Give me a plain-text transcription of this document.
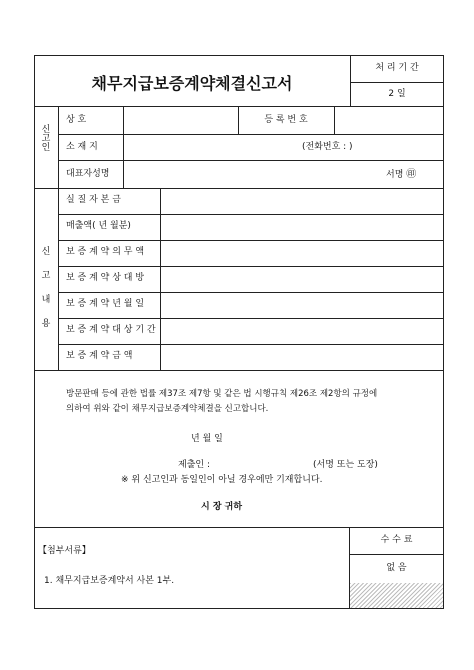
채무지급보증계약체결신고서
처 리 기 간
2 일
신고인
상 호	등 록 번 호
소 재 지	(전화번호 : )
대표자성명	서명 ㊞
신고내용
실 질 자 본 금
매출액( 년 월분)
보 증 계 약 의 무 액
보 증 계 약 상 대 방
보 증 계 약 년 월 일
보 증 계 약 대 상 기 간
보 증 계 약 금 액
방문판매 등에 관한 법률 제37조 제7항 및 같은 법 시행규칙 제26조 제2항의 규정에
의하여 위와 같이 채무지급보증계약체결을 신고합니다.
년 월 일
제출인 :	(서명 또는 도장)
※ 위 신고인과 동일인이 아닐 경우에만 기재합니다.
시 장 귀하
【첨부서류】
1. 채무지급보증계약서 사본 1부.
수 수 료
없 음
